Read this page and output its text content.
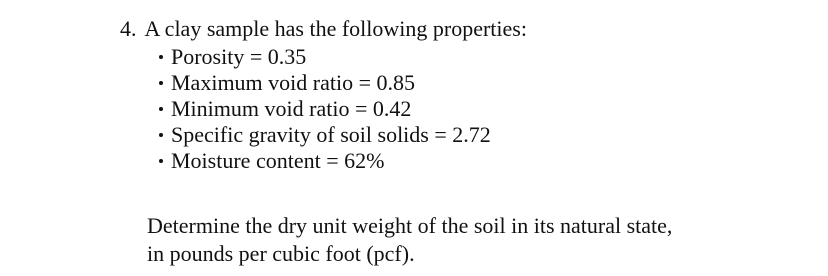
4. A clay sample has the following properties:
Porosity = 0.35
Maximum void ratio = 0.85
Minimum void ratio = 0.42
Specific gravity of soil solids = 2.72
Moisture content = 62%
Determine the dry unit weight of the soil in its natural state,
in pounds per cubic foot (pcf).
